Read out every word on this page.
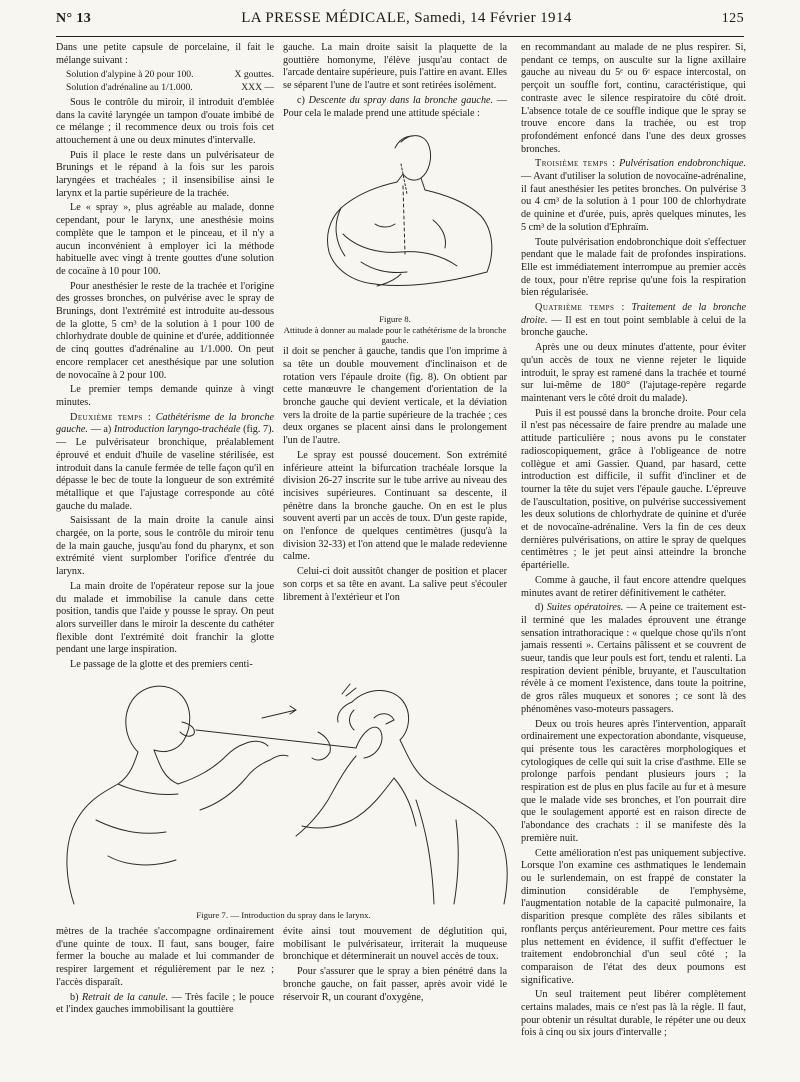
N° 13	LA PRESSE MÉDICALE, Samedi, 14 Février 1914	125

Dans une petite capsule de porcelaine, il fait le mélange suivant :

Solution d'alypine à 20 pour 100.	X gouttes.
Solution d'adrénaline au 1/1.000.	XXX —

Sous le contrôle du miroir, il introduit d'emblée dans la cavité laryngée un tampon d'ouate imbibé de ce mélange ; il recommence deux ou trois fois cet attouchement à une ou deux minutes d'intervalle.

Puis il place le reste dans un pulvérisateur de Brunings et le répand à la fois sur les parois laryngées et trachéales ; il insensibilise ainsi le larynx et la partie supérieure de la trachée.

Le « spray », plus agréable au malade, donne cependant, pour le larynx, une anesthésie moins complète que le tampon et le pinceau, et il n'y a aucun inconvénient à employer ici la méthode habituelle avec vingt à trente gouttes d'une solution de cocaïne à 10 pour 100.

Pour anesthésier le reste de la trachée et l'origine des grosses bronches, on pulvérise avec le spray de Brunings, dont l'extrémité est introduite au-dessous de la glotte, 5 cm³ de la solution à 1 pour 100 de chlorhydrate double de quinine et d'urée, additionnée de cinq gouttes d'adrénaline au 1/1.000. On peut encore remplacer cet anesthésique par une solution de novocaïne à 2 pour 100.

Le premier temps demande quinze à vingt minutes.

Deuxième temps : Cathétérisme de la bronche gauche. — a) Introduction laryngo-trachéale (fig. 7). — Le pulvérisateur bronchique, préalablement éprouvé et enduit d'huile de vaseline stérilisée, est introduit dans la canule fermée de telle façon qu'il en dépasse le bec de toute la longueur de son extrémité métallique et que l'ajustage corresponde au côté gauche du malade.

Saisissant de la main droite la canule ainsi chargée, on la porte, sous le contrôle du miroir tenu de la main gauche, jusqu'au fond du pharynx, et son extrémité vient surplomber l'orifice d'entrée du larynx.

La main droite de l'opérateur repose sur la joue du malade et immobilise la canule dans cette position, tandis que l'aide y pousse le spray. On peut alors surveiller dans le miroir la descente du cathéter flexible dont l'extrémité doit franchir la glotte pendant une large inspiration.

Le passage de la glotte et des premiers centi-

gauche. La main droite saisit la plaquette de la gouttière homonyme, l'élève jusqu'au contact de l'arcade dentaire supérieure, puis l'attire en avant. Elles se séparent l'une de l'autre et sont retirées isolément.

c) Descente du spray dans la bronche gauche. — Pour cela le malade prend une attitude spéciale :

Figure 8.
Attitude à donner au malade pour le cathétérisme de la bronche gauche.

il doit se pencher à gauche, tandis que l'on imprime à sa tête un double mouvement d'inclinaison et de rotation vers l'épaule droite (fig. 8). On obtient par cette manœuvre le changement d'orientation de la bronche gauche qui devient verticale, et la déviation vers la droite de la partie supérieure de la trachée ; ces deux organes se placent ainsi dans le prolongement l'un de l'autre.

Le spray est poussé doucement. Son extrémité inférieure atteint la bifurcation trachéale lorsque la division 26-27 inscrite sur le tube arrive au niveau des incisives supérieures. Continuant sa descente, il pénètre dans la bronche gauche. On en est le plus souvent averti par un accès de toux. D'un geste rapide, on l'enfonce de quelques centimètres (jusqu'à la division 32-33) et l'on attend que le malade redevienne calme.

Celui-ci doit aussitôt changer de position et placer son corps et sa tête en avant. La salive peut s'écouler librement à l'extérieur et l'on

en recommandant au malade de ne plus respirer. Si, pendant ce temps, on ausculte sur la ligne axillaire gauche au niveau du 5ᵉ ou 6ᵉ espace intercostal, on perçoit un souffle fort, continu, caractéristique, qui contraste avec le silence respiratoire du côté droit. L'absence totale de ce souffle indique que le spray se trouve encore dans la trachée, ou est trop profondément enfoncé dans l'une des deux grosses bronches.

Troisième temps : Pulvérisation endobronchique. — Avant d'utiliser la solution de novocaïne-adrénaline, il faut anesthésier les petites bronches. On pulvérise 3 ou 4 cm³ de la solution à 1 pour 100 de chlorhydrate de quinine et d'urée, puis, après quelques minutes, les 5 cm³ de la solution d'Ephraïm.

Toute pulvérisation endobronchique doit s'effectuer pendant que le malade fait de profondes inspirations. Elle est immédiatement interrompue au premier accès de toux, pour n'être reprise qu'une fois la respiration bien régularisée.

Quatrième temps : Traitement de la bronche droite. — Il est en tout point semblable à celui de la bronche gauche.

Après une ou deux minutes d'attente, pour éviter qu'un accès de toux ne vienne rejeter le liquide introduit, le spray est ramené dans la trachée et tourné sur lui-même de 180° (l'ajutage-repère regarde maintenant vers le côté droit du malade).

Puis il est poussé dans la bronche droite. Pour cela il n'est pas nécessaire de faire prendre au malade une attitude particulière ; nous avons pu le constater radioscopiquement, grâce à l'obligeance de notre collègue et ami Gassier. Quand, par hasard, cette introduction est difficile, il suffit d'incliner et de tourner la tête du sujet vers l'épaule gauche. L'épreuve de l'auscultation, positive, on pulvérise successivement les deux solutions de chlorhydrate de quinine et d'urée et de novocaïne-adrénaline. Vers la fin de ces deux dernières pulvérisations, on attire le spray de quelques centimètres ; le jet peut ainsi atteindre la bronche épartérielle.

Comme à gauche, il faut encore attendre quelques minutes avant de retirer définitivement le cathéter.

d) Suites opératoires. — A peine ce traitement est-il terminé que les malades éprouvent une étrange sensation intrathoracique : « quelque chose qu'ils n'ont jamais ressenti ». Certains pâlissent et se couvrent de sueur, tandis que leur pouls est fort, tendu et ralenti. La respiration devient pénible, bruyante, et l'auscultation révèle à ce moment l'existence, dans toute la poitrine, de gros râles muqueux et sonores ; ce sont là des phénomènes vaso-moteurs passagers.

Deux ou trois heures après l'intervention, apparaît ordinairement une expectoration abondante, visqueuse, qui présente tous les caractères morphologiques et cytologiques de celle qui suit la crise d'asthme. Elle se prolonge parfois pendant plusieurs jours ; la respiration est de plus en plus facile au fur et à mesure que le malade vide ses bronches, et l'on pourrait dire que le soulagement apporté est en raison directe de l'abondance des crachats : il se manifeste dès la première nuit.

Cette amélioration n'est pas uniquement subjective. Lorsque l'on examine ces asthmatiques le lendemain ou le surlendemain, on est frappé de constater la diminution considérable de l'emphysème, l'augmentation notable de la capacité pulmonaire, la disparition presque complète des râles sibilants et ronflants perçus antérieurement. Pour mettre ces faits plus nettement en évidence, il suffit d'effectuer le traitement endobronchial d'un seul côté ; la comparaison de l'état des deux poumons est significative.

Un seul traitement peut libérer complètement certains malades, mais ce n'est pas là la règle. Il faut, pour obtenir un résultat durable, le répéter une ou deux fois à cinq ou six jours d'intervalle ;

Figure 7. — Introduction du spray dans le larynx.

mètres de la trachée s'accompagne ordinairement d'une quinte de toux. Il faut, sans bouger, faire fermer la bouche au malade et lui commander de respirer largement et régulièrement par le nez ; l'accès disparaît.

b) Retrait de la canule. — Très facile ; le pouce et l'index gauches immobilisant la gouttière

évite ainsi tout mouvement de déglutition qui, mobilisant le pulvérisateur, irriterait la muqueuse bronchique et déterminerait un nouvel accès de toux.

Pour s'assurer que le spray a bien pénétré dans la bronche gauche, on fait passer, après avoir vidé le réservoir R, un courant d'oxygène,
